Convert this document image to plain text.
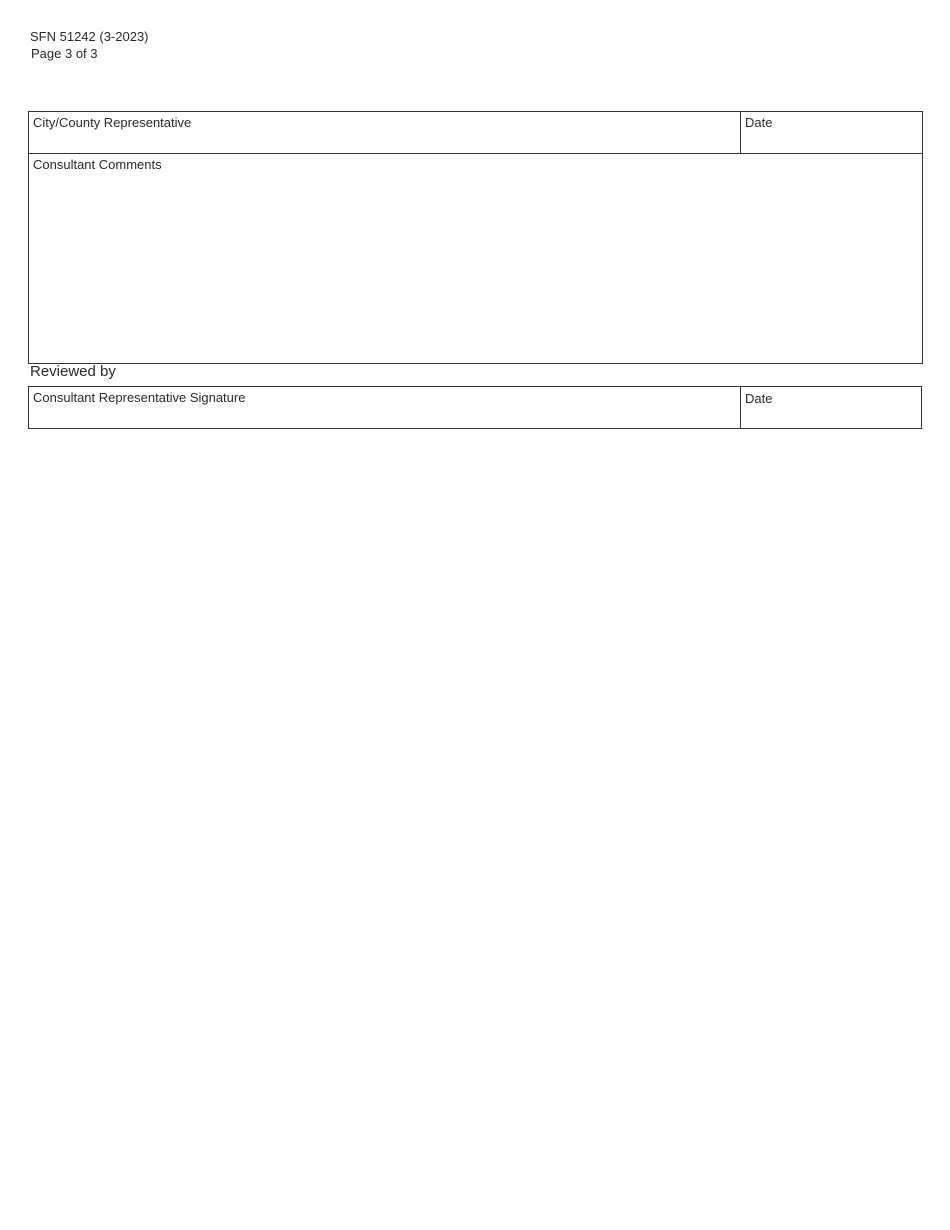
SFN 51242 (3-2023)
Page 3 of 3
City/County Representative	Date
Consultant Comments
Reviewed by
Consultant Representative Signature	Date
